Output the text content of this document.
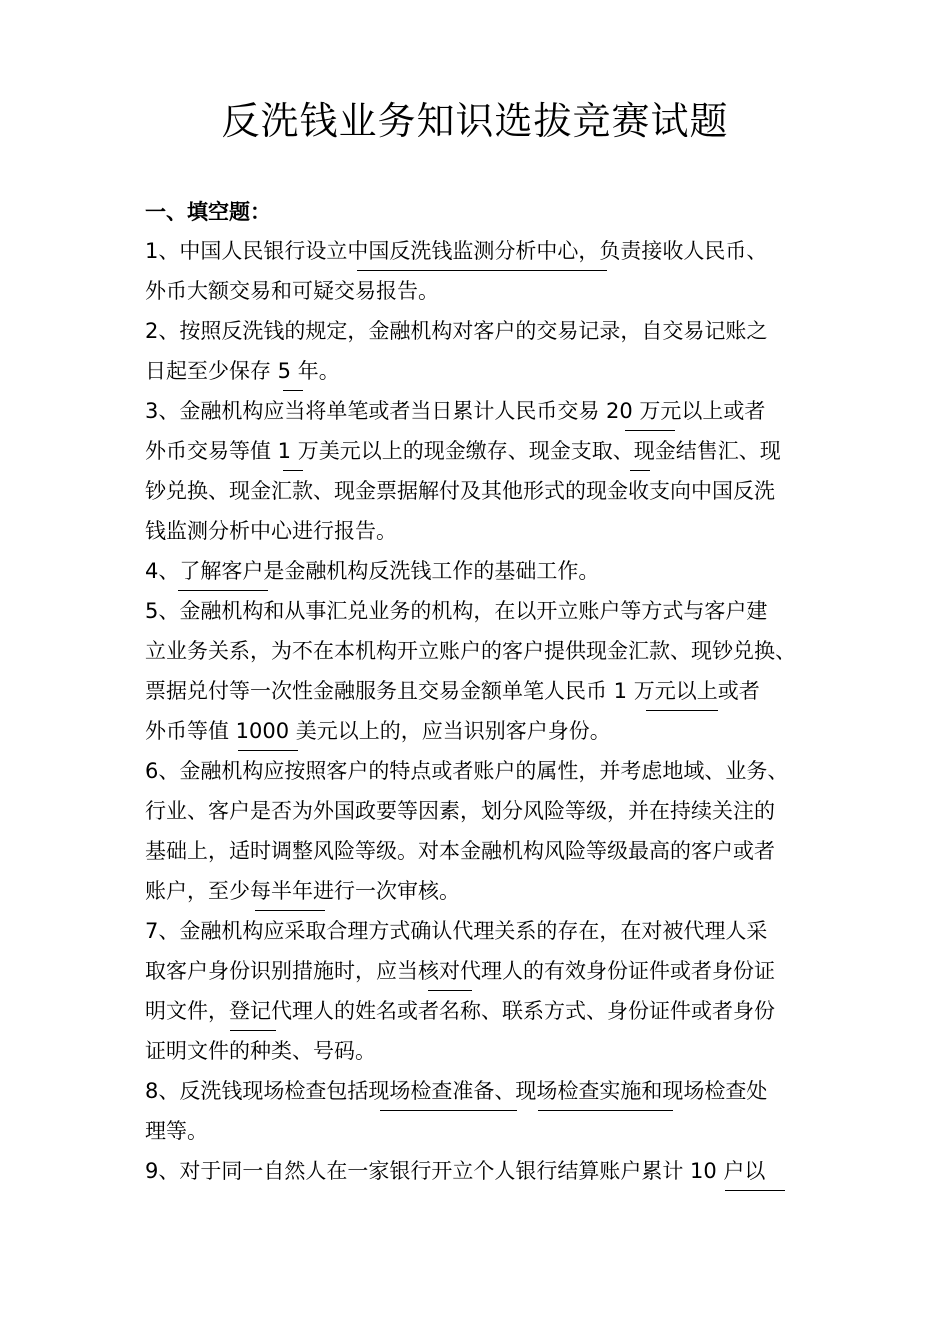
反洗钱业务知识选拔竞赛试题
一、填空题：
1、中国人民银行设立中国反洗钱监测分析中心，负责接收人民币、
外币大额交易和可疑交易报告。
2、按照反洗钱的规定，金融机构对客户的交易记录，自交易记账之
日起至少保存 5 年。
3、金融机构应当将单笔或者当日累计人民币交易 20 万元以上或者
外币交易等值 1 万美元以上的现金缴存、现金支取、现金结售汇、现
钞兑换、现金汇款、现金票据解付及其他形式的现金收支向中国反洗
钱监测分析中心进行报告。
4、了解客户是金融机构反洗钱工作的基础工作。
5、金融机构和从事汇兑业务的机构，在以开立账户等方式与客户建
立业务关系，为不在本机构开立账户的客户提供现金汇款、现钞兑换、
票据兑付等一次性金融服务且交易金额单笔人民币 1 万元以上或者
外币等值 1000 美元以上的，应当识别客户身份。
6、金融机构应按照客户的特点或者账户的属性，并考虑地域、业务、
行业、客户是否为外国政要等因素，划分风险等级，并在持续关注的
基础上，适时调整风险等级。对本金融机构风险等级最高的客户或者
账户，至少每半年进行一次审核。
7、金融机构应采取合理方式确认代理关系的存在，在对被代理人采
取客户身份识别措施时，应当核对代理人的有效身份证件或者身份证
明文件，登记代理人的姓名或者名称、联系方式、身份证件或者身份
证明文件的种类、号码。
8、反洗钱现场检查包括现场检查准备、现场检查实施和现场检查处
理等。
9、对于同一自然人在一家银行开立个人银行结算账户累计 10 户以
